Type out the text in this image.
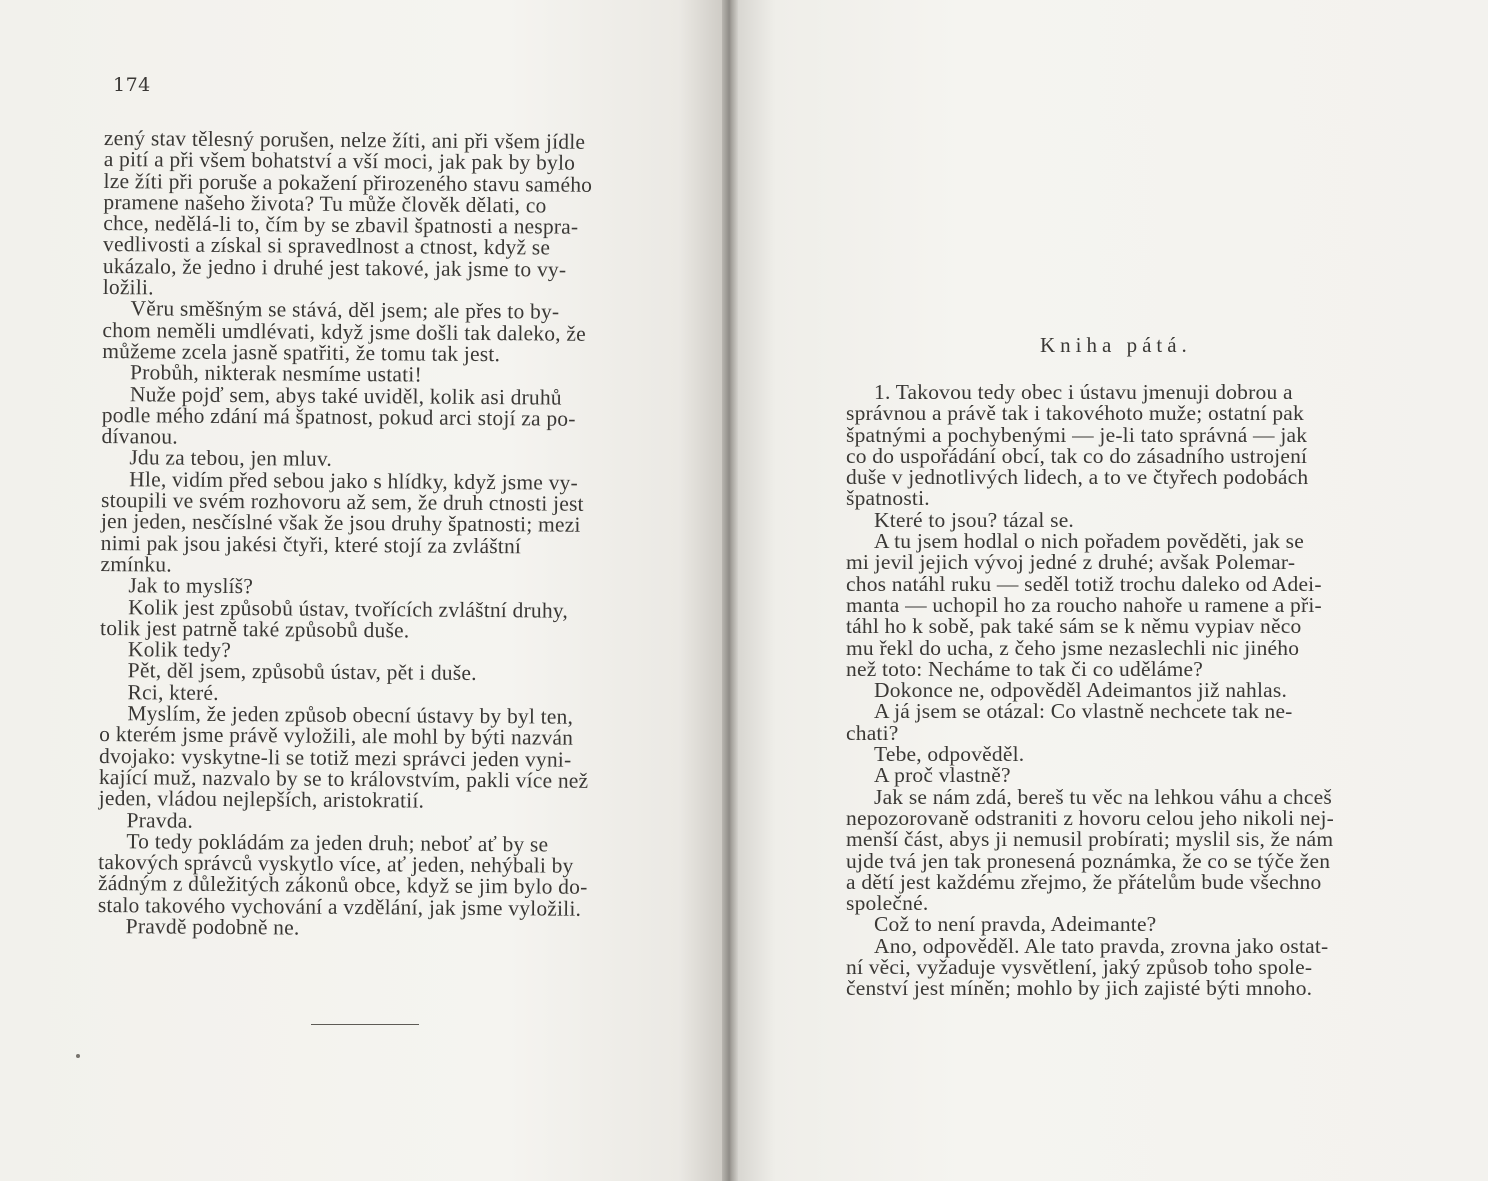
174
zený stav tělesný porušen, nelze žíti, ani při všem jídle
a pití a při všem bohatství a vší moci, jak pak by bylo
lze žíti při poruše a pokažení přirozeného stavu samého
pramene našeho života? Tu může člověk dělati, co
chce, nedělá-li to, čím by se zbavil špatnosti a nespra-
vedlivosti a získal si spravedlnost a ctnost, když se
ukázalo, že jedno i druhé jest takové, jak jsme to vy-
ložili.
Věru směšným se stává, děl jsem; ale přes to by-
chom neměli umdlévati, když jsme došli tak daleko, že
můžeme zcela jasně spatřiti, že tomu tak jest.
Probůh, nikterak nesmíme ustati!
Nuže pojď sem, abys také uviděl, kolik asi druhů
podle mého zdání má špatnost, pokud arci stojí za po-
dívanou.
Jdu za tebou, jen mluv.
Hle, vidím před sebou jako s hlídky, když jsme vy-
stoupili ve svém rozhovoru až sem, že druh ctnosti jest
jen jeden, nesčíslné však že jsou druhy špatnosti; mezi
nimi pak jsou jakési čtyři, které stojí za zvláštní
zmínku.
Jak to myslíš?
Kolik jest způsobů ústav, tvořících zvláštní druhy,
tolik jest patrně také způsobů duše.
Kolik tedy?
Pět, děl jsem, způsobů ústav, pět i duše.
Rci, které.
Myslím, že jeden způsob obecní ústavy by byl ten,
o kterém jsme právě vyložili, ale mohl by býti nazván
dvojako: vyskytne-li se totiž mezi správci jeden vyni-
kající muž, nazvalo by se to královstvím, pakli více než
jeden, vládou nejlepších, aristokratií.
Pravda.
To tedy pokládám za jeden druh; neboť ať by se
takových správců vyskytlo více, ať jeden, nehýbali by
žádným z důležitých zákonů obce, když se jim bylo do-
stalo takového vychování a vzdělání, jak jsme vyložili.
Pravdě podobně ne.
Kniha pátá.
1. Takovou tedy obec i ústavu jmenuji dobrou a
správnou a právě tak i takovéhoto muže; ostatní pak
špatnými a pochybenými — je-li tato správná — jak
co do uspořádání obcí, tak co do zásadního ustrojení
duše v jednotlivých lidech, a to ve čtyřech podobách
špatnosti.
Které to jsou? tázal se.
A tu jsem hodlal o nich pořadem pověděti, jak se
mi jevil jejich vývoj jedné z druhé; avšak Polemar-
chos natáhl ruku — seděl totiž trochu daleko od Adei-
manta — uchopil ho za roucho nahoře u ramene a při-
táhl ho k sobě, pak také sám se k němu vypiav něco
mu řekl do ucha, z čeho jsme nezaslechli nic jiného
než toto: Necháme to tak či co uděláme?
Dokonce ne, odpověděl Adeimantos již nahlas.
A já jsem se otázal: Co vlastně nechcete tak ne-
chati?
Tebe, odpověděl.
A proč vlastně?
Jak se nám zdá, bereš tu věc na lehkou váhu a chceš
nepozorovaně odstraniti z hovoru celou jeho nikoli nej-
menší část, abys ji nemusil probírati; myslil sis, že nám
ujde tvá jen tak pronesená poznámka, že co se týče žen
a dětí jest každému zřejmo, že přátelům bude všechno
společné.
Což to není pravda, Adeimante?
Ano, odpověděl. Ale tato pravda, zrovna jako ostat-
ní věci, vyžaduje vysvětlení, jaký způsob toho spole-
čenství jest míněn; mohlo by jich zajisté býti mnoho.
